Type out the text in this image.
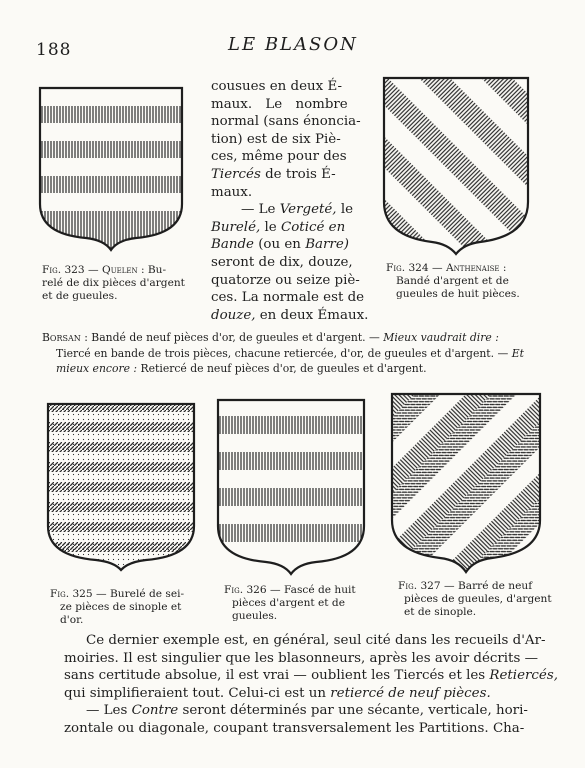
188	LE BLASON
cousues en deux É-
maux. Le nombre
normal (sans énoncia-
tion) est de six Piè-
ces, même pour des
Tiercés de trois É-
maux.
— Le Vergeté, le
Burelé, le Coticé en
Bande (ou en Barre)
seront de dix, douze,
quatorze ou seize piè-
ces. La normale est de
douze, en deux Émaux.
Fig. 323 — Quelen : Bu-
relé de dix pièces d'argent
et de gueules.
Fig. 324 — Anthenaise :
Bandé d'argent et de
gueules de huit pièces.
Borsan : Bandé de neuf pièces d'or, de gueules et d'argent. — Mieux vaudrait dire :
Tiercé en bande de trois pièces, chacune retiercée, d'or, de gueules et d'argent. — Et
mieux encore : Retiercé de neuf pièces d'or, de gueules et d'argent.
Fig. 325 — Burelé de sei-
ze pièces de sinople et
d'or.
Fig. 326 — Fascé de huit
pièces d'argent et de
gueules.
Fig. 327 — Barré de neuf
pièces de gueules, d'argent
et de sinople.
Ce dernier exemple est, en général, seul cité dans les recueils d'Ar-
moiries. Il est singulier que les blasonneurs, après les avoir décrits —
sans certitude absolue, il est vrai — oublient les Tiercés et les Retiercés,
qui simplifieraient tout. Celui-ci est un retiercé de neuf pièces.
— Les Contre seront déterminés par une sécante, verticale, hori-
zontale ou diagonale, coupant transversalement les Partitions. Cha-
